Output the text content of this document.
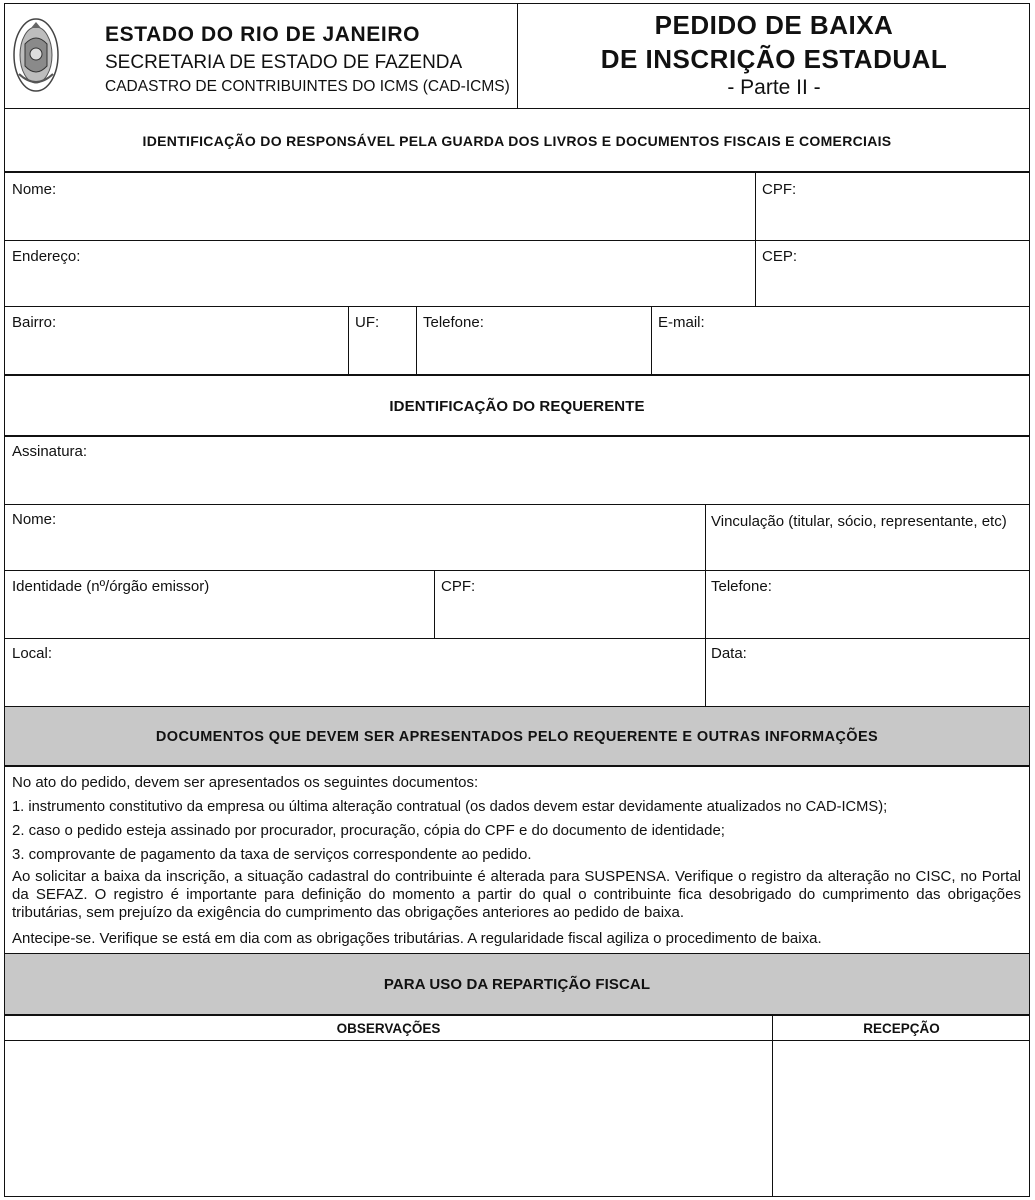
ESTADO DO RIO DE JANEIRO
SECRETARIA DE ESTADO DE FAZENDA
CADASTRO DE CONTRIBUINTES DO ICMS (CAD-ICMS)
PEDIDO DE BAIXA
DE INSCRIÇÃO ESTADUAL
- Parte II -
IDENTIFICAÇÃO DO RESPONSÁVEL PELA GUARDA DOS LIVROS E DOCUMENTOS FISCAIS E COMERCIAIS
Nome:	CPF:
Endereço:	CEP:
Bairro:	UF:	Telefone:	E-mail:
IDENTIFICAÇÃO DO REQUERENTE
Assinatura:
Nome:	Vinculação (titular, sócio, representante, etc)
Identidade (nº/órgão emissor)	CPF:	Telefone:
Local:	Data:
DOCUMENTOS QUE DEVEM SER APRESENTADOS PELO REQUERENTE E OUTRAS INFORMAÇÕES
No ato do pedido, devem ser apresentados os seguintes documentos:
1. instrumento constitutivo da empresa ou última alteração contratual (os dados devem estar devidamente atualizados no CAD-ICMS);
2. caso o pedido esteja assinado por procurador, procuração, cópia do CPF e do documento de identidade;
3. comprovante de pagamento da taxa de serviços correspondente ao pedido.
Ao solicitar a baixa da inscrição, a situação cadastral do contribuinte é alterada para SUSPENSA. Verifique o registro da alteração no CISC, no Portal da SEFAZ. O registro é importante para definição do momento a partir do qual o contribuinte fica desobrigado do cumprimento das obrigações tributárias, sem prejuízo da exigência do cumprimento das obrigações anteriores ao pedido de baixa.
Antecipe-se. Verifique se está em dia com as obrigações tributárias. A regularidade fiscal agiliza o procedimento de baixa.
PARA USO DA REPARTIÇÃO FISCAL
OBSERVAÇÕES	RECEPÇÃO
